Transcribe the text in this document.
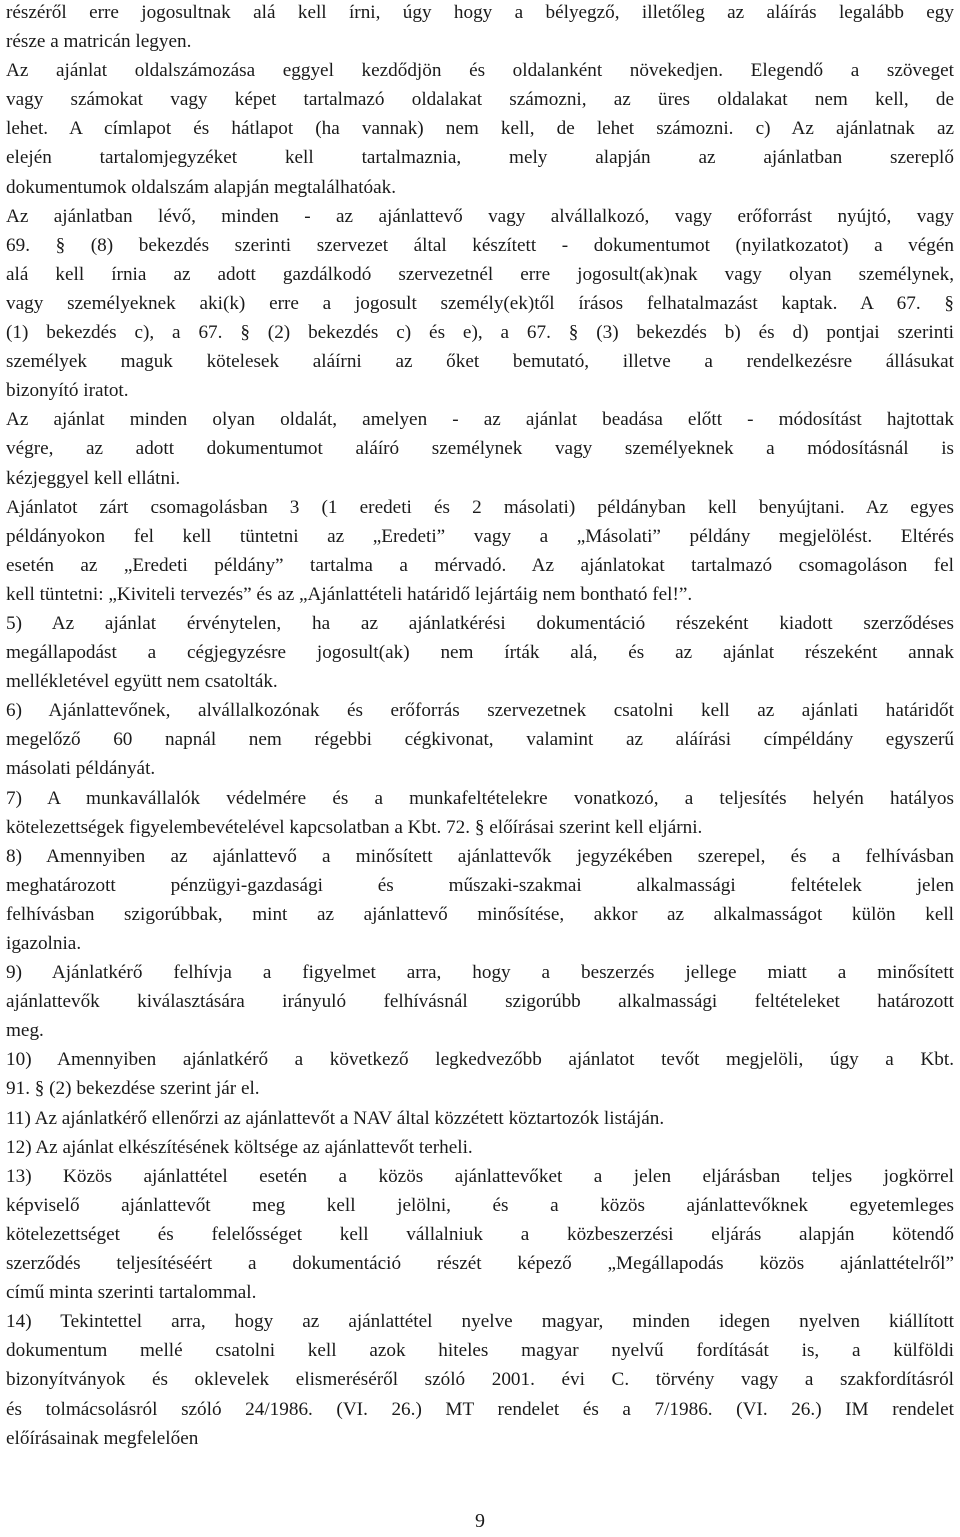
részéről erre jogosultnak alá kell írni, úgy hogy a bélyegző, illetőleg az aláírás legalább egy
része a matricán legyen.
Az ajánlat oldalszámozása eggyel kezdődjön és oldalanként növekedjen. Elegendő a szöveget
vagy számokat vagy képet tartalmazó oldalakat számozni, az üres oldalakat nem kell, de
lehet. A címlapot és hátlapot (ha vannak) nem kell, de lehet számozni. c) Az ajánlatnak az
elején tartalomjegyzéket kell tartalmaznia, mely alapján az ajánlatban szereplő
dokumentumok oldalszám alapján megtalálhatóak.
Az ajánlatban lévő, minden - az ajánlattevő vagy alvállalkozó, vagy erőforrást nyújtó, vagy
69. § (8) bekezdés szerinti szervezet által készített - dokumentumot (nyilatkozatot) a végén
alá kell írnia az adott gazdálkodó szervezetnél erre jogosult(ak)nak vagy olyan személynek,
vagy személyeknek aki(k) erre a jogosult személy(ek)től írásos felhatalmazást kaptak. A 67. §
(1) bekezdés c), a 67. § (2) bekezdés c) és e), a 67. § (3) bekezdés b) és d) pontjai szerinti
személyek maguk kötelesek aláírni az őket bemutató, illetve a rendelkezésre állásukat
bizonyító iratot.
Az ajánlat minden olyan oldalát, amelyen - az ajánlat beadása előtt - módosítást hajtottak
végre, az adott dokumentumot aláíró személynek vagy személyeknek a módosításnál is
kézjeggyel kell ellátni.
Ajánlatot zárt csomagolásban 3 (1 eredeti és 2 másolati) példányban kell benyújtani. Az egyes
példányokon fel kell tüntetni az „Eredeti” vagy a „Másolati” példány megjelölést. Eltérés
esetén az „Eredeti példány” tartalma a mérvadó. Az ajánlatokat tartalmazó csomagoláson fel
kell tüntetni: „Kiviteli tervezés” és az „Ajánlattételi határidő lejártáig nem bontható fel!”.
5) Az ajánlat érvénytelen, ha az ajánlatkérési dokumentáció részeként kiadott szerződéses
megállapodást a cégjegyzésre jogosult(ak) nem írták alá, és az ajánlat részeként annak
mellékletével együtt nem csatolták.
6) Ajánlattevőnek, alvállalkozónak és erőforrás szervezetnek csatolni kell az ajánlati határidőt
megelőző 60 napnál nem régebbi cégkivonat, valamint az aláírási címpéldány egyszerű
másolati példányát.
7) A munkavállalók védelmére és a munkafeltételekre vonatkozó, a teljesítés helyén hatályos
kötelezettségek figyelembevételével kapcsolatban a Kbt. 72. § előírásai szerint kell eljárni.
8) Amennyiben az ajánlattevő a minősített ajánlattevők jegyzékében szerepel, és a felhívásban
meghatározott pénzügyi-gazdasági és műszaki-szakmai alkalmassági feltételek jelen
felhívásban szigorúbbak, mint az ajánlattevő minősítése, akkor az alkalmasságot külön kell
igazolnia.
9) Ajánlatkérő felhívja a figyelmet arra, hogy a beszerzés jellege miatt a minősített
ajánlattevők kiválasztására irányuló felhívásnál szigorúbb alkalmassági feltételeket határozott
meg.
10) Amennyiben ajánlatkérő a következő legkedvezőbb ajánlatot tevőt megjelöli, úgy a Kbt.
91. § (2) bekezdése szerint jár el.
11) Az ajánlatkérő ellenőrzi az ajánlattevőt a NAV által közzétett köztartozók listáján.
12) Az ajánlat elkészítésének költsége az ajánlattevőt terheli.
13) Közös ajánlattétel esetén a közös ajánlattevőket a jelen eljárásban teljes jogkörrel
képviselő ajánlattevőt meg kell jelölni, és a közös ajánlattevőknek egyetemleges
kötelezettséget és felelősséget kell vállalniuk a közbeszerzési eljárás alapján kötendő
szerződés teljesítéséért a dokumentáció részét képező „Megállapodás közös ajánlattételről”
című minta szerinti tartalommal.
14) Tekintettel arra, hogy az ajánlattétel nyelve magyar, minden idegen nyelven kiállított
dokumentum mellé csatolni kell azok hiteles magyar nyelvű fordítását is, a külföldi
bizonyítványok és oklevelek elismeréséről szóló 2001. évi C. törvény vagy a szakfordításról
és tolmácsolásról szóló 24/1986. (VI. 26.) MT rendelet és a 7/1986. (VI. 26.) IM rendelet
előírásainak megfelelően
9
